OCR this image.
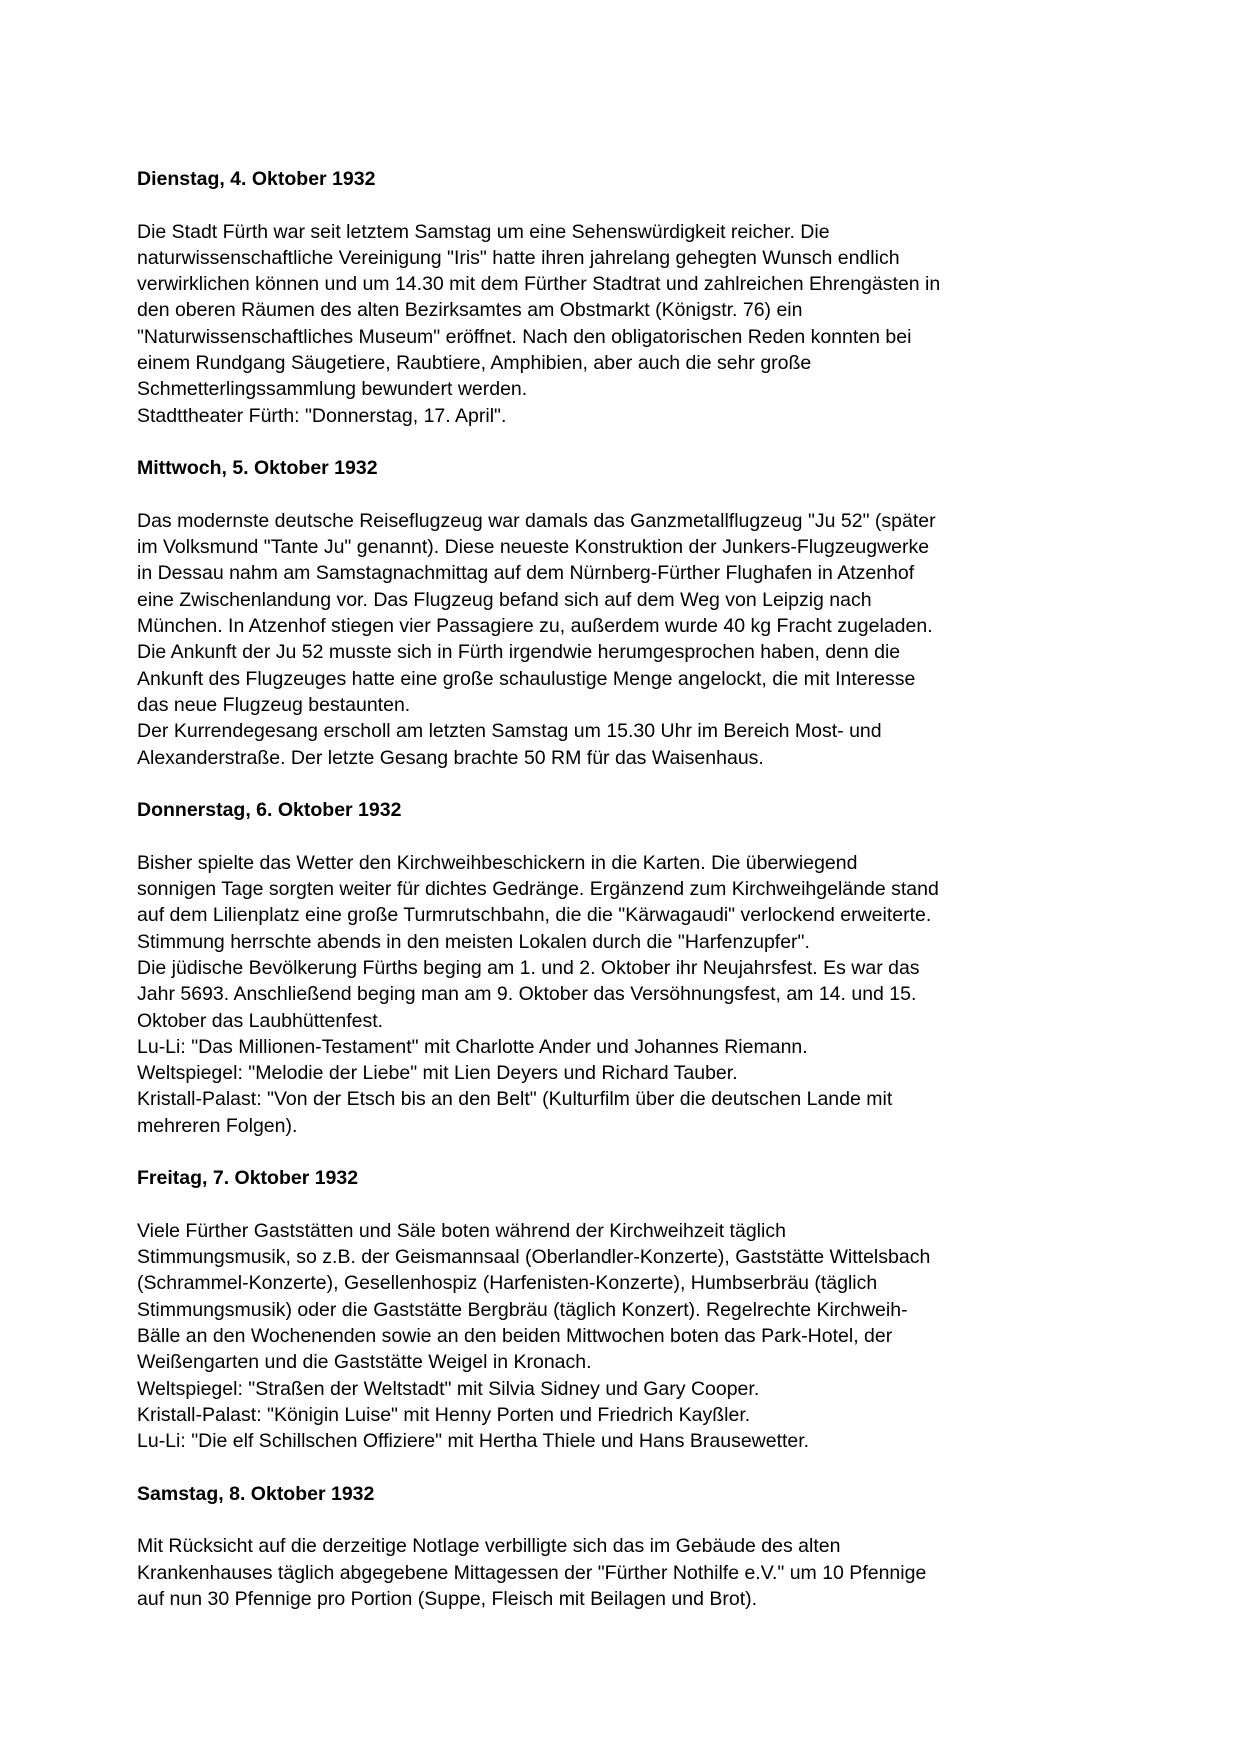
Dienstag, 4. Oktober 1932
Die Stadt Fürth war seit letztem Samstag um eine Sehenswürdigkeit reicher. Die
naturwissenschaftliche Vereinigung "Iris" hatte ihren jahrelang gehegten Wunsch endlich
verwirklichen können und um 14.30 mit dem Fürther Stadtrat und zahlreichen Ehrengästen in
den oberen Räumen des alten Bezirksamtes am Obstmarkt (Königstr. 76) ein
"Naturwissenschaftliches Museum" eröffnet. Nach den obligatorischen Reden konnten bei
einem Rundgang Säugetiere, Raubtiere, Amphibien, aber auch die sehr große
Schmetterlingssammlung bewundert werden.
Stadttheater Fürth: "Donnerstag, 17. April".
Mittwoch, 5. Oktober 1932
Das modernste deutsche Reiseflugzeug war damals das Ganzmetallflugzeug "Ju 52" (später
im Volksmund "Tante Ju" genannt). Diese neueste Konstruktion der Junkers-Flugzeugwerke
in Dessau nahm am Samstagnachmittag auf dem Nürnberg-Fürther Flughafen in Atzenhof
eine Zwischenlandung vor. Das Flugzeug befand sich auf dem Weg von Leipzig nach
München. In Atzenhof stiegen vier Passagiere zu, außerdem wurde 40 kg Fracht zugeladen.
Die Ankunft der Ju 52 musste sich in Fürth irgendwie herumgesprochen haben, denn die
Ankunft des Flugzeuges hatte eine große schaulustige Menge angelockt, die mit Interesse
das neue Flugzeug bestaunten.
Der Kurrendegesang erscholl am letzten Samstag um 15.30 Uhr im Bereich Most- und
Alexanderstraße. Der letzte Gesang brachte 50 RM für das Waisenhaus.
Donnerstag, 6. Oktober 1932
Bisher spielte das Wetter den Kirchweihbeschickern in die Karten. Die überwiegend
sonnigen Tage sorgten weiter für dichtes Gedränge. Ergänzend zum Kirchweihgelände stand
auf dem Lilienplatz eine große Turmrutschbahn, die die "Kärwagaudi" verlockend erweiterte.
Stimmung herrschte abends in den meisten Lokalen durch die "Harfenzupfer".
Die jüdische Bevölkerung Fürths beging am 1. und 2. Oktober ihr Neujahrsfest. Es war das
Jahr 5693. Anschließend beging man am 9. Oktober das Versöhnungsfest, am 14. und 15.
Oktober das Laubhüttenfest.
Lu-Li: "Das Millionen-Testament" mit Charlotte Ander und Johannes Riemann.
Weltspiegel: "Melodie der Liebe" mit Lien Deyers und Richard Tauber.
Kristall-Palast: "Von der Etsch bis an den Belt" (Kulturfilm über die deutschen Lande mit
mehreren Folgen).
Freitag, 7. Oktober 1932
Viele Fürther Gaststätten und Säle boten während der Kirchweihzeit täglich
Stimmungsmusik, so z.B. der Geismannsaal (Oberlandler-Konzerte), Gaststätte Wittelsbach
(Schrammel-Konzerte), Gesellenhospiz (Harfenisten-Konzerte), Humbserbräu (täglich
Stimmungsmusik) oder die Gaststätte Bergbräu (täglich Konzert). Regelrechte Kirchweih-
Bälle an den Wochenenden sowie an den beiden Mittwochen boten das Park-Hotel, der
Weißengarten und die Gaststätte Weigel in Kronach.
Weltspiegel: "Straßen der Weltstadt" mit Silvia Sidney und Gary Cooper.
Kristall-Palast: "Königin Luise" mit Henny Porten und Friedrich Kayßler.
Lu-Li: "Die elf Schillschen Offiziere" mit Hertha Thiele und Hans Brausewetter.
Samstag, 8. Oktober 1932
Mit Rücksicht auf die derzeitige Notlage verbilligte sich das im Gebäude des alten
Krankenhauses täglich abgegebene Mittagessen der "Fürther Nothilfe e.V." um 10 Pfennige
auf nun 30 Pfennige pro Portion (Suppe, Fleisch mit Beilagen und Brot).
